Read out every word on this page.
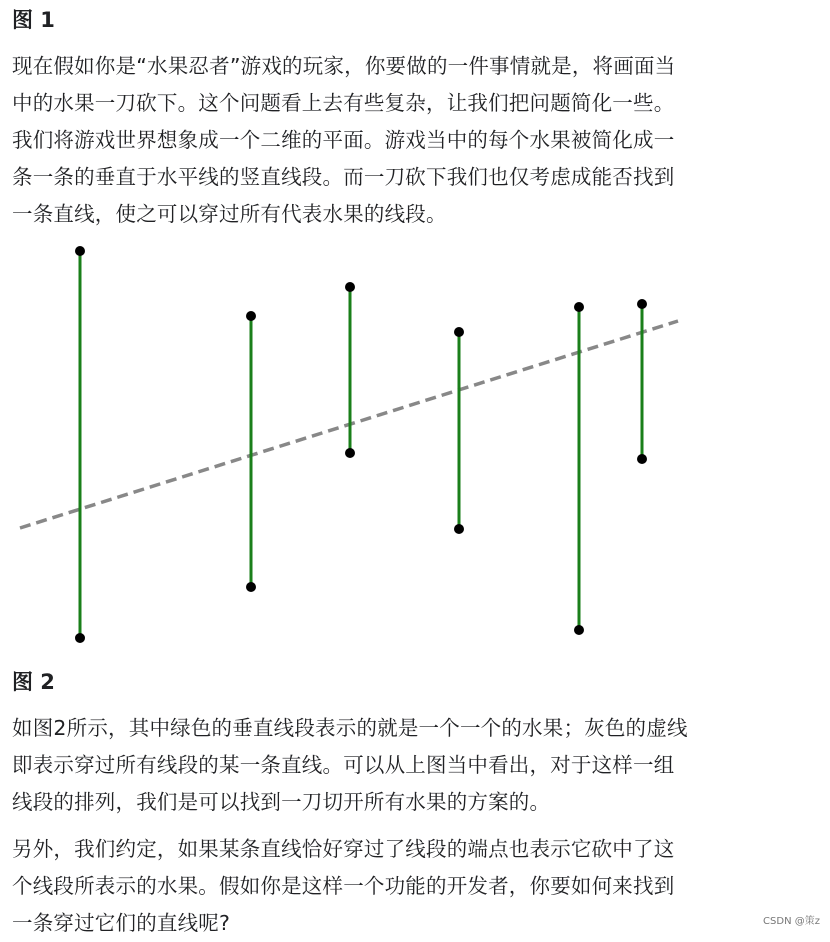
图 1
现在假如你是“水果忍者”游戏的玩家，你要做的一件事情就是，将画面当
中的水果一刀砍下。这个问题看上去有些复杂，让我们把问题简化一些。
我们将游戏世界想象成一个二维的平面。游戏当中的每个水果被简化成一
条一条的垂直于水平线的竖直线段。而一刀砍下我们也仅考虑成能否找到
一条直线，使之可以穿过所有代表水果的线段。
图 2
如图2所示，其中绿色的垂直线段表示的就是一个一个的水果；灰色的虚线
即表示穿过所有线段的某一条直线。可以从上图当中看出，对于这样一组
线段的排列，我们是可以找到一刀切开所有水果的方案的。
另外，我们约定，如果某条直线恰好穿过了线段的端点也表示它砍中了这
个线段所表示的水果。假如你是这样一个功能的开发者，你要如何来找到
一条穿过它们的直线呢?	CSDN @策z
